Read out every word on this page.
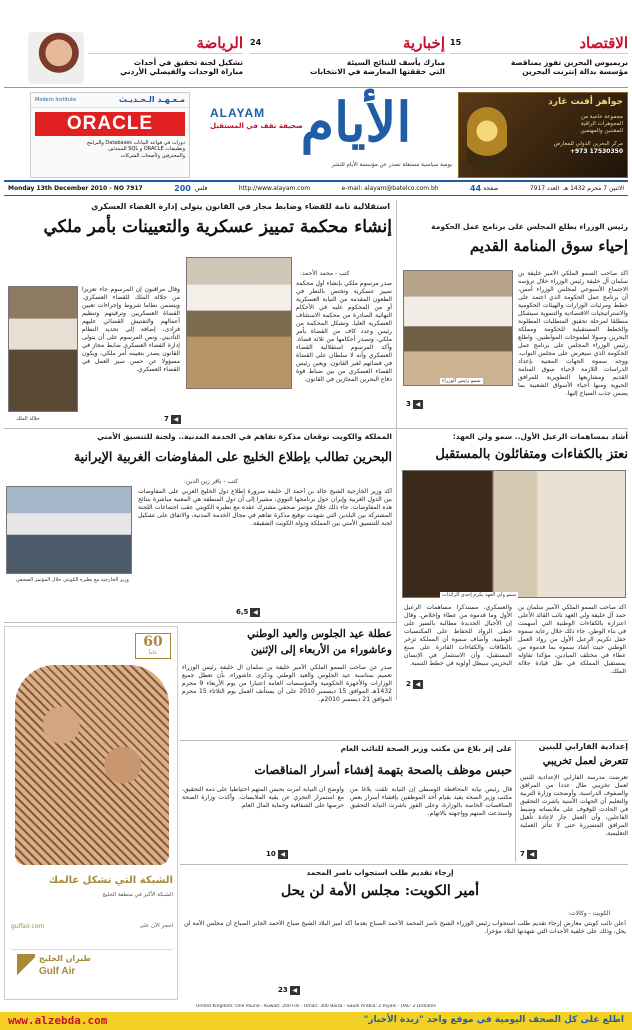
الاقتصاد
15
بريميوس البحرين تفوز بمناقصة
مؤسسة بدالة إنترنت البحرين
إخبارية
24
مبارك يأسف للنتائج السيئة
التي حققتها المعارضة في الانتخابات
الرياضة
تشكيل لجنة تحقيق في أحداث
مباراة الوحدات والفيصلي الأردني
Modern Institute	مـعـهـد الـحـديـث
ORACLE
دورات في قواعد البيانات Databases والبرامج
وتطبيقات ORACLE و SQL للمبتدئين
والمحترفين ولأصحاب الشركات
ALAYAM الأيام
يومية سياسية مستقلة تصدر عن مؤسسة الأيام للنشر
صحيفة تقف في المستقبل
جواهر أفنت غارد
مجموعة خاصة من
المجوهرات الراقية
للمقتنين والمهتمين
مركز البحرين الدولي للمعارض
+973 17530350
Monday 13th December 2010 - NO 7917	200 فلس	http://www.alayam.com	e-mail: alayam@batelco.com.bh	44 صفحة	الاثنين 7 محرم 1432 هـ
العدد 7917
استقلالية تامة للقضاء وضابط مجاز في القانون يتولى إدارة القضاء العسكري
إنشاء محكمة تمييز عسكرية والتعيينات بأمر ملكي
كتب - محمد الأحمد:
صدر مرسوم ملكي بإنشاء أول محكمة تمييز عسكرية وتختص بالنظر في الطعون المقدمة من النيابة العسكرية أو من المحكوم عليه في الأحكام النهائية الصادرة من محكمة الاستئناف العسكرية العليا. وتشكل المحكمة من رئيس وعدد كاف من القضاة بأمر ملكي، وتصدر أحكامها من ثلاثة قضاة. وأكد المرسوم استقلالية القضاء العسكري وأنه لا سلطان على القضاة في قضائهم لغير القانون. ويعين رئيس القضاء العسكري من بين ضباط قوة دفاع البحرين المجازين في القانون.
وقال مراقبون إن المرسوم جاء تعزيزا من جلالة الملك للقضاء العسكري. ويتضمن نظاما شروط وإجراءات تعيين القضاة العسكريين وترقيتهم وتنظيم أعمالهم والتفتيش القضائي عليهم فرادى، إضافة إلى تحديد النظام التأديبي. ونص المرسوم على أن يتولى إدارة القضاء العسكري ضابط مجاز في القانون يصدر بتعيينه أمر ملكي، ويكون مسؤولا عن حسن سير العمل في القضاء العسكري.
جلالة الملك	7 ◀
رئيس الوزراء يطلع المجلس على برنامج عمل الحكومة
إحياء سوق المنامة القديم
سمو رئيس الوزراء
أكد صاحب السمو الملكي الأمير خليفة بن سلمان آل خليفة رئيس الوزراء خلال ترؤسه الاجتماع الأسبوعي لمجلس الوزراء أمس، أن برنامج عمل الحكومة الذي اعتمد على خطط ومرئيات الوزارات والهيئات الحكومية والاستراتيجيات الاقتصادية والتنموية سيشكل منطلقا لمرحلة تحقيق المتطلبات المطلوبة والخطط المستقبلية للحكومة ومملكة البحرين وصولا لطموحات المواطنين. واطلع رئيس الوزراء المجلس على برنامج عمل الحكومة الذي سيعرض على مجلس النواب. ووجه سموه الجهات المعنية بإعداد الدراسات اللازمة لإحياء سوق المنامة القديم ومشاريعها التطويرية للمرافق الحيوية ومنها أحياء الأسواق الشعبية بما يضمن جذب السياح إليها.
3 ◀
أشاد بمساهمات الرعيل الأول.. سمو ولي العهد:
نعتز بالكفاءات ومتفائلون بالمستقبل
سمو ولي العهد يكرم إحدى الرائدات
أكد صاحب السمو الملكي الأمير سلمان بن حمد آل خليفة ولي العهد نائب القائد الأعلى اعتزازه بالكفاءات الوطنية التي أسهمت في بناء الوطن. جاء ذلك خلال رعاية سموه حفل تكريم الرعيل الأول من رواد العمل الوطني حيث أشاد سموه بما قدموه من عطاء في مختلف الميادين، مؤكدا تفاؤله بمستقبل المملكة في ظل قيادة جلالة الملك.
والعسكري، مستذكرا مساهمات الرعيل الأول وما قدموه من عطاء وإخلاص. وقال إن الأجيال الجديدة مطالبة بالسير على خطى الرواد للحفاظ على المكتسبات الوطنية. وأضاف سموه أن المملكة تزخر بالطاقات والكفاءات القادرة على صنع المستقبل، وأن الاستثمار في الإنسان البحريني سيظل أولوية في خطط التنمية.
2 ◀
المملكة والكويت توقعان مذكرة تفاهم في الخدمة المدنية.. ولجنة للتنسيق الأمني
البحرين تطالب بإطلاع الخليج على المفاوضات الغربية الإيرانية
كتب - باقر زين الدين:
أكد وزير الخارجية الشيخ خالد بن أحمد آل خليفة ضرورة إطلاع دول الخليج العربي على المفاوضات بين الدول الغربية وإيران حول برنامجها النووي، مشيرا إلى أن دول المنطقة هي المعنية مباشرة بنتائج هذه المفاوضات. جاء ذلك خلال مؤتمر صحفي مشترك عقده مع نظيره الكويتي عقب اجتماعات اللجنة المشتركة بين البلدين التي شهدت توقيع مذكرة تفاهم في مجال الخدمة المدنية، والاتفاق على تشكيل لجنة للتنسيق الأمني بين المملكة ودولة الكويت الشقيقة.
وزير الخارجية مع نظيره الكويتي خلال المؤتمر الصحفي
6,5 ◀
عطلة عيد الجلوس والعيد الوطني
وعاشوراء من الأربعاء إلى الإثنين
صدر عن صاحب السمو الملكي الأمير خليفة بن سلمان آل خليفة رئيس الوزراء تعميم بمناسبة عيد الجلوس والعيد الوطني وذكرى عاشوراء، بأن تعطل جميع الوزارات والأجهزة الحكومية والمؤسسات العامة اعتبارا من يوم الأربعاء 9 محرم 1432هـ الموافق 15 ديسمبر 2010 على أن يستأنف العمل يوم الثلاثاء 15 محرم الموافق 21 ديسمبر 2010م.
60
عاماً
الشبكة التي تشكل عالمك
الشبكة الأكبر في منطقة الخليج
gulfair.com	احجز الآن على
طيران الخليج
Gulf Air
إعدادية الفارابي للبنين
تتعرض لعمل تخريبي
تعرضت مدرسة الفارابي الإعدادية للبنين لعمل تخريبي طال عددا من المرافق والصفوف الدراسية. وأوضحت وزارة التربية والتعليم أن الجهات الأمنية باشرت التحقيق في الحادث للوقوف على ملابساته وضبط الفاعلين، وأن العمل جار لإعادة تأهيل المرافق المتضررة حتى لا تتأثر العملية التعليمية.
7 ◀
على إثر بلاغ من مكتب وزير الصحة للنائب العام
حبس موظف بالصحة بتهمة إفشاء أسرار المناقصات
قال رئيس نيابة المحافظة الوسطى إن النيابة تلقت بلاغا من مكتب وزير الصحة يفيد بقيام أحد الموظفين بإفشاء أسرار بعض المناقصات الخاصة بالوزارة، وعلى الفور باشرت النيابة التحقيق واستدعت المتهم وواجهته بالاتهام.
وأوضح أن النيابة أمرت بحبس المتهم احتياطيا على ذمة التحقيق، مع استمرار التحري عن بقية الملابسات. وأكدت وزارة الصحة حرصها على الشفافية وحماية المال العام.
10 ◀
إرجاء تقديم طلب استجواب ناصر المحمد
أمير الكويت: مجلس الأمة لن يحل
الكويت - وكالات:
أعلن نائب كويتي معارض إرجاء تقديم طلب استجواب رئيس الوزراء الشيخ ناصر المحمد الأحمد الصباح بعدما أكد أمير البلاد الشيخ صباح الأحمد الجابر الصباح أن مجلس الأمة لن يحل، وذلك على خلفية الأحداث التي شهدتها البلاد مؤخرا.
23 ◀
United Kingdom: One Pound - Kuwait: 200 Fils - Oman: 300 Baiza - Saudi Arabia: 2 Riyals - UAE: 2 Dirhams
www.alzebda.com	اطلع على كل الصحف اليومية في موقع واحد "زبدة الأخبار"
